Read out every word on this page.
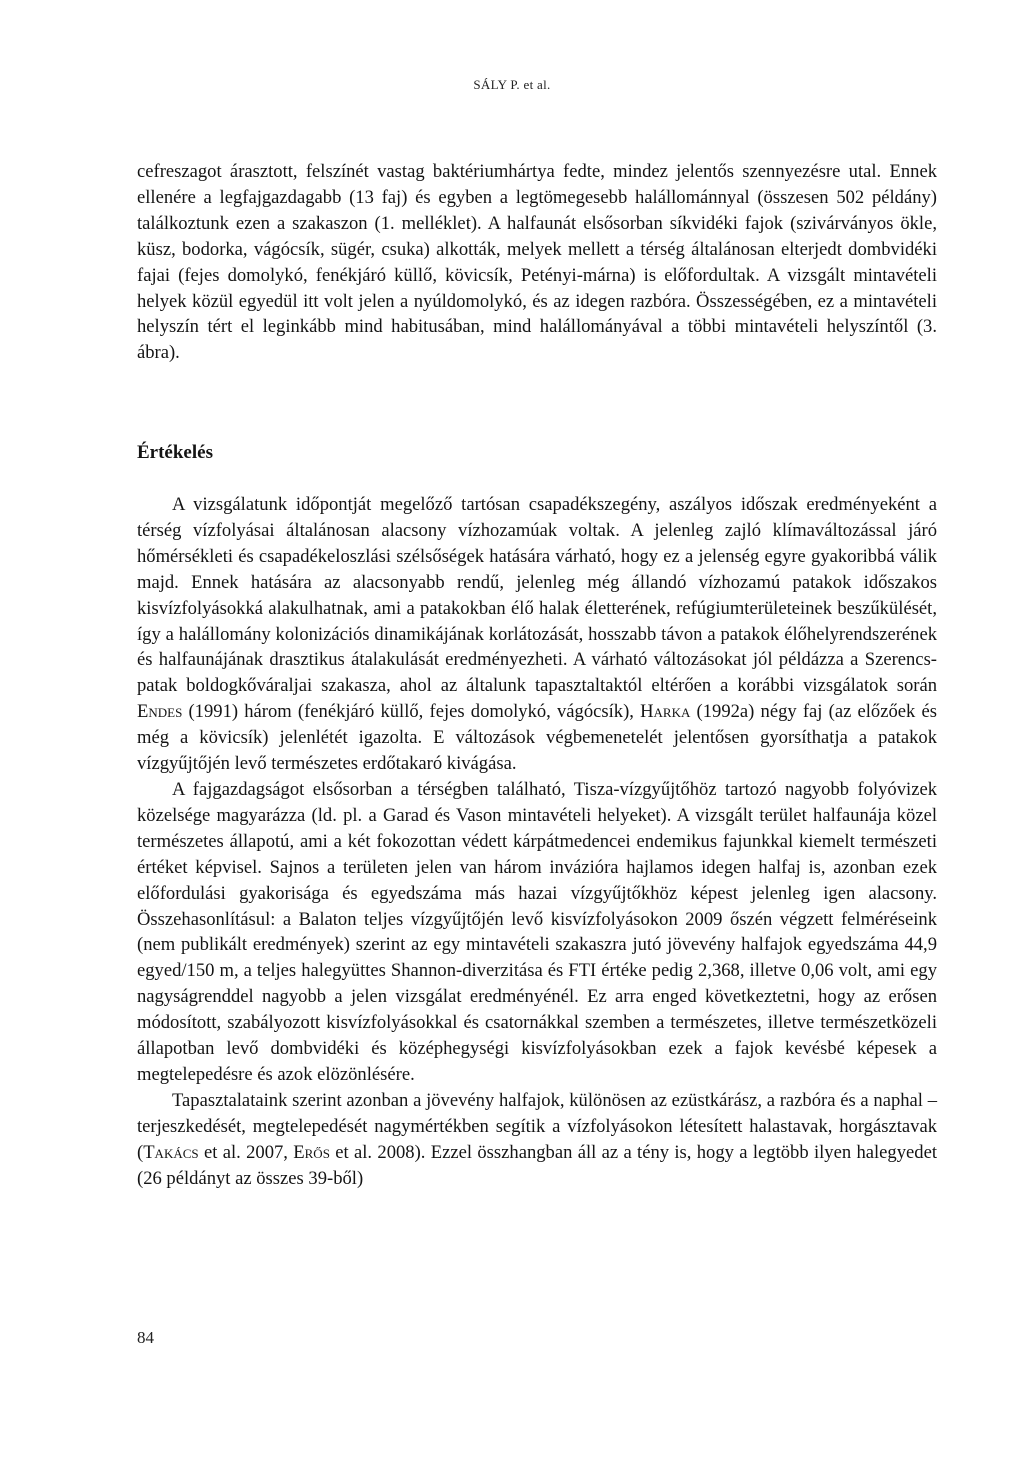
SÁLY P. et al.

cefreszagot árasztott, felszínét vastag baktériumhártya fedte, mindez jelentős szennyezésre utal. Ennek ellenére a legfajgazdagabb (13 faj) és egyben a legtömegesebb halállománnyal (összesen 502 példány) találkoztunk ezen a szakaszon (1. melléklet). A halfaunát elsősorban síkvidéki fajok (szivárványos ökle, küsz, bodorka, vágócsík, sügér, csuka) alkották, melyek mellett a térség általánosan elterjedt dombvidéki fajai (fejes domolykó, fenékjáró küllő, kövicsík, Petényi-márna) is előfordultak. A vizsgált mintavételi helyek közül egyedül itt volt jelen a nyúldomolykó, és az idegen razbóra. Összességében, ez a mintavételi helyszín tért el leginkább mind habitusában, mind halállományával a többi mintavételi helyszíntől (3. ábra).

Értékelés

A vizsgálatunk időpontját megelőző tartósan csapadékszegény, aszályos időszak eredményeként a térség vízfolyásai általánosan alacsony vízhozamúak voltak. A jelenleg zajló klímaváltozással járó hőmérsékleti és csapadékeloszlási szélsőségek hatására várható, hogy ez a jelenség egyre gyakoribbá válik majd. Ennek hatására az alacsonyabb rendű, jelenleg még állandó vízhozamú patakok időszakos kisvízfolyásokká alakulhatnak, ami a patakokban élő halak életterének, refúgiumterületeinek beszűkülését, így a halállomány kolonizációs dinamikájának korlátozását, hosszabb távon a patakok élőhelyrendszerének és halfaunájának drasztikus átalakulását eredményezheti. A várható változásokat jól példázza a Szerencs-patak boldogkőváraljai szakasza, ahol az általunk tapasztaltaktól eltérően a korábbi vizsgálatok során Endes (1991) három (fenékjáró küllő, fejes domolykó, vágócsík), Harka (1992a) négy faj (az előzőek és még a kövicsík) jelenlétét igazolta. E változások végbemenetelét jelentősen gyorsíthatja a patakok vízgyűjtőjén levő természetes erdőtakaró kivágása.

A fajgazdagságot elsősorban a térségben található, Tisza-vízgyűjtőhöz tartozó nagyobb folyóvizek közelsége magyarázza (ld. pl. a Garad és Vason mintavételi helyeket). A vizsgált terület halfaunája közel természetes állapotú, ami a két fokozottan védett kárpátmedencei endemikus fajunkkal kiemelt természeti értéket képvisel. Sajnos a területen jelen van három invázióra hajlamos idegen halfaj is, azonban ezek előfordulási gyakorisága és egyedszáma más hazai vízgyűjtőkhöz képest jelenleg igen alacsony. Összehasonlításul: a Balaton teljes vízgyűjtőjén levő kisvízfolyásokon 2009 őszén végzett felméréseink (nem publikált eredmények) szerint az egy mintavételi szakaszra jutó jövevény halfajok egyedszáma 44,9 egyed/150 m, a teljes halegyüttes Shannon-diverzitása és FTI értéke pedig 2,368, illetve 0,06 volt, ami egy nagyságrenddel nagyobb a jelen vizsgálat eredményénél. Ez arra enged következtetni, hogy az erősen módosított, szabályozott kisvízfolyásokkal és csatornákkal szemben a természetes, illetve természetközeli állapotban levő dombvidéki és középhegységi kisvízfolyásokban ezek a fajok kevésbé képesek a megtelepedésre és azok elözönlésére.

Tapasztalataink szerint azonban a jövevény halfajok, különösen az ezüstkárász, a razbóra és a naphal – terjeszkedését, megtelepedését nagymértékben segítik a vízfolyásokon létesített halastavak, horgásztavak (Takács et al. 2007, Erős et al. 2008). Ezzel összhangban áll az a tény is, hogy a legtöbb ilyen halegyedet (26 példányt az összes 39-ből)

84
